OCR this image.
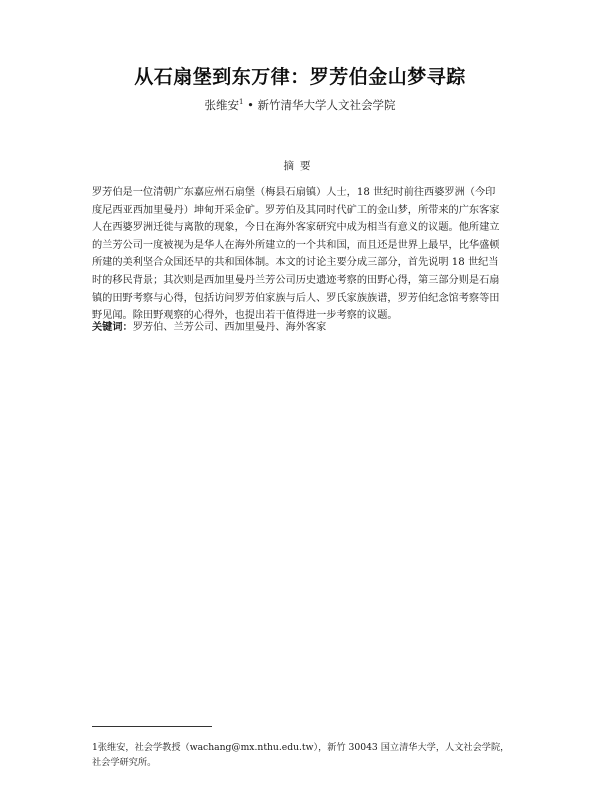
从石扇堡到东万律：罗芳伯金山梦寻踪
张维安$^1$ • 新竹清华大学人文社会学院
摘要
罗芳伯是一位清朝广东嘉应州石扇堡（梅县石扇镇）人士，18 世纪时前往西婆罗洲（今印
度尼西亚西加里曼丹）坤甸开采金矿。罗芳伯及其同时代矿工的金山梦，所带来的广东客家
人在西婆罗洲迁徙与离散的现象，今日在海外客家研究中成为相当有意义的议题。他所建立
的兰芳公司一度被视为是华人在海外所建立的一个共和国，而且还是世界上最早，比华盛顿
所建的美利坚合众国还早的共和国体制。本文的讨论主要分成三部分，首先说明 18 世纪当
时的移民背景；其次则是西加里曼丹兰芳公司历史遗迹考察的田野心得，第三部分则是石扇
镇的田野考察与心得，包括访问罗芳伯家族与后人、罗氏家族族谱，罗芳伯纪念馆考察等田
野见闻。除田野观察的心得外，也提出若干值得进一步考察的议题。
关键词：罗芳伯、兰芳公司、西加里曼丹、海外客家
1张维安，社会学教授（wachang@mx.nthu.edu.tw），新竹 30043 国立清华大学，人文社会学院，
社会学研究所。
